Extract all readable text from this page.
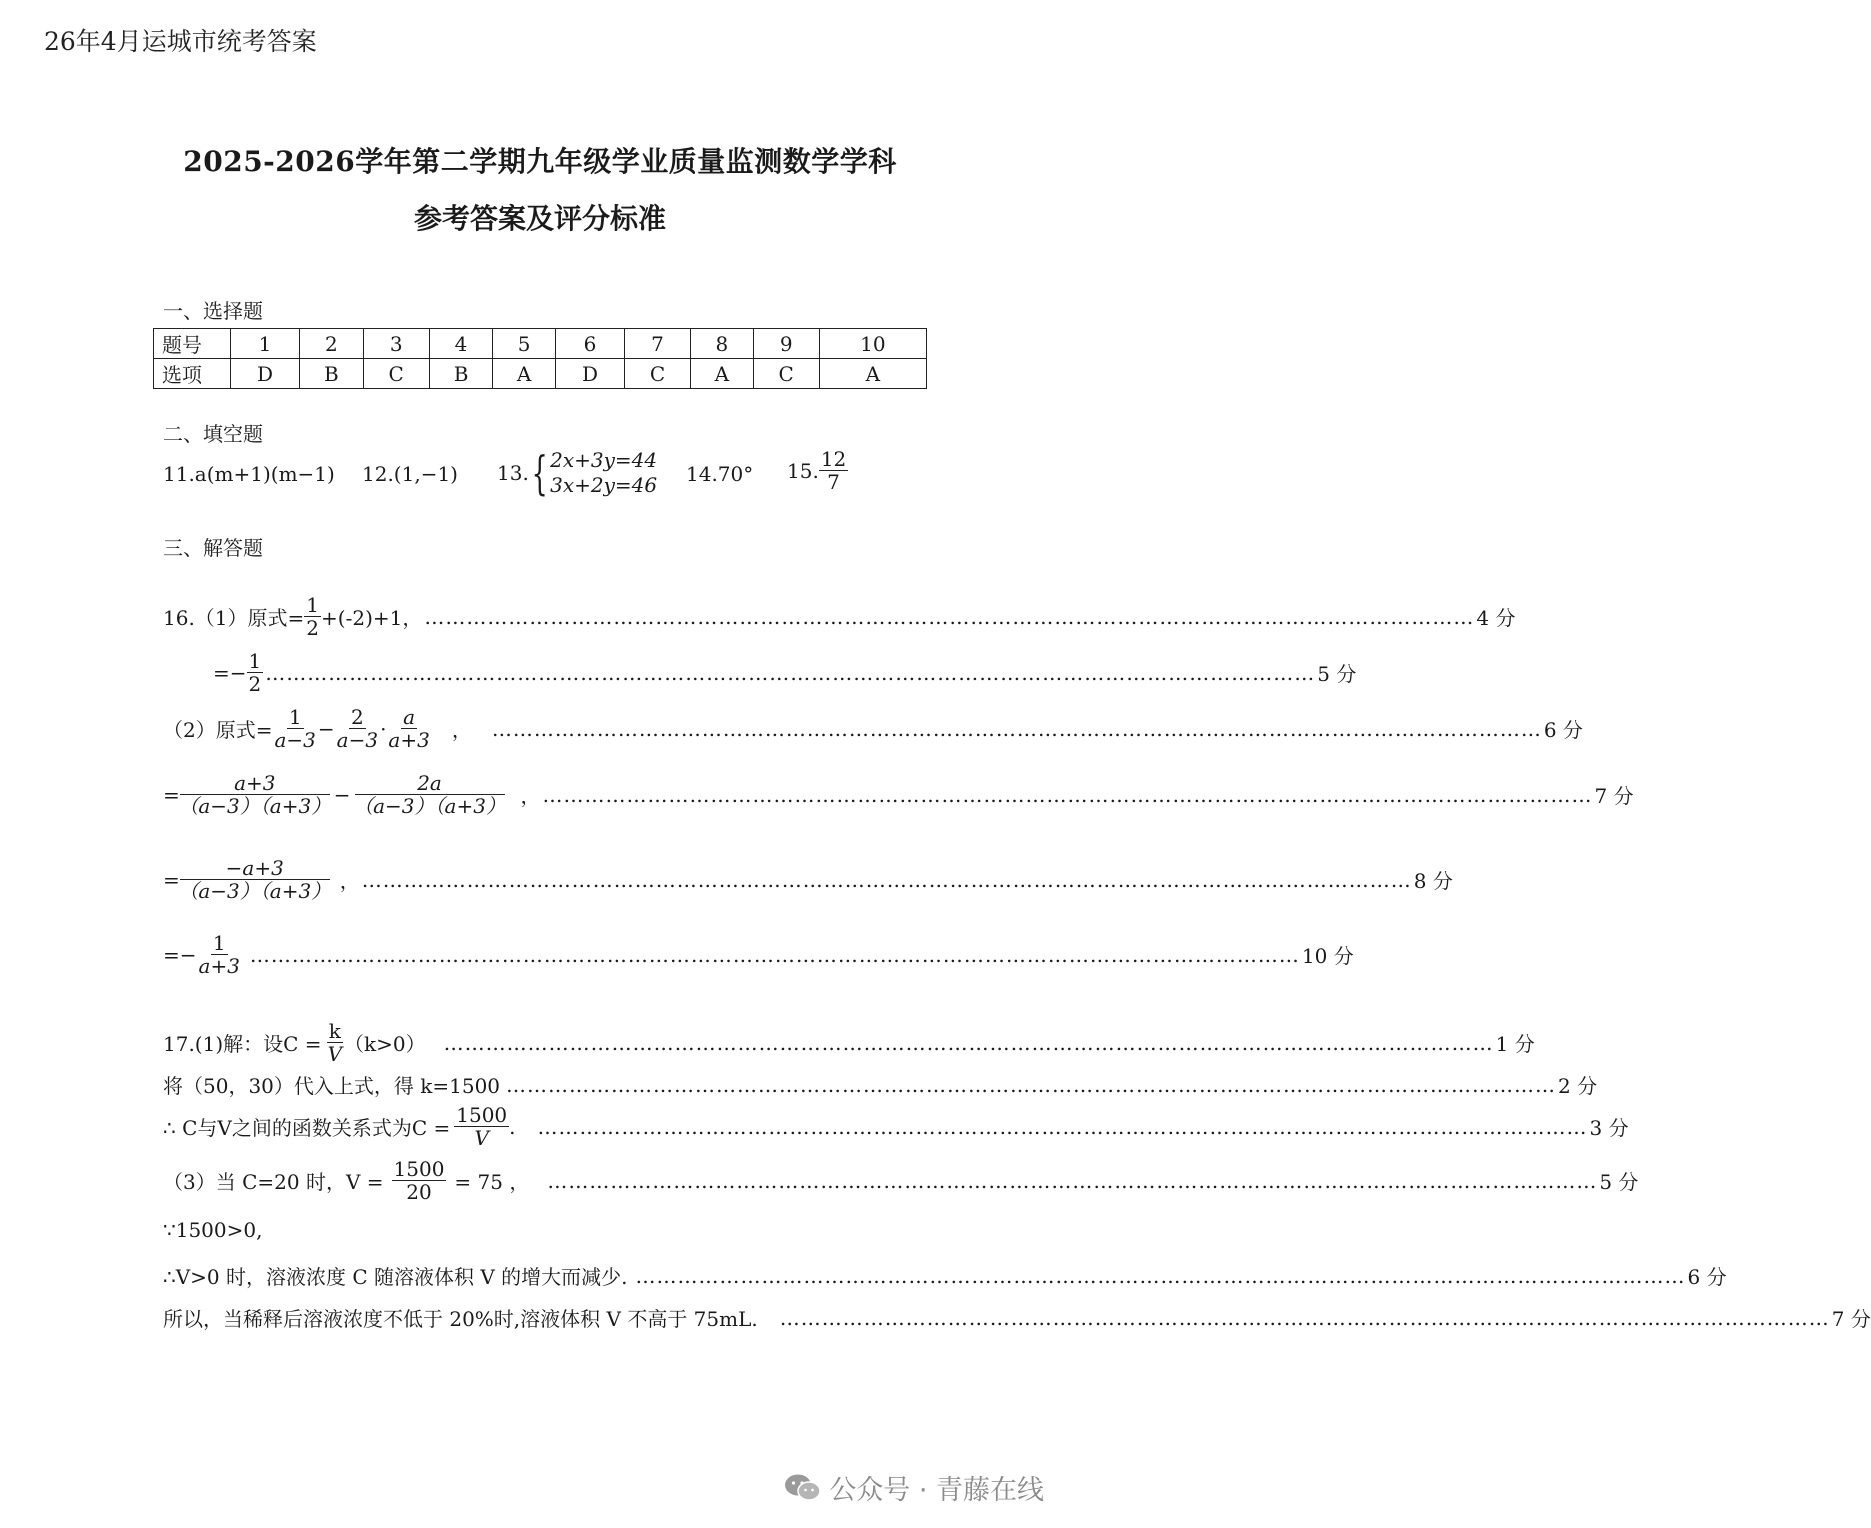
26年4月运城市统考答案
2025-2026学年第二学期九年级学业质量监测数学学科
参考答案及评分标准
一、选择题
题号	1	2	3	4	5	6	7	8	9	10
选项	D	B	C	B	A	D	C	A	C	A
二、填空题
11.a(m+1)(m−1) 12.(1,−1) 13. { 2x+3y=44
3x+2y=46 14.70° 15. $\frac{12}{7}$
三、解答题
16.（1）原式= $\frac{1}{2} +(-2)+1$， …………………………………………………………………………………………………………………………………… 4 分
=− $\frac{1}{2}$ …………………………………………………………………………………………………………………………………… 5 分
（2）原式= $\frac{1}{a-3} - \frac{2}{a-3} \cdot \frac{a}{a+3}$ ， …………………………………………………………………………………………………………………………………… 6 分
= $\frac{a+3}{(a-3)(a+3)} - \frac{2a}{(a-3)(a+3)}$ ， …………………………………………………………………………………………………………………………………… 7 分
= $\frac{-a+3}{(a-3)(a+3)}$ ， …………………………………………………………………………………………………………………………………… 8 分
=− $\frac{1}{a+3}$ …………………………………………………………………………………………………………………………………… 10 分
17.(1)解：设$C = \frac{k}{V} (k>0)$ …………………………………………………………………………………………………………………………………… 1 分
将（50，30）代入上式，得 k=1500 …………………………………………………………………………………………………………………………………… 2 分
∴ C与V之间的函数关系式为$C = \frac{1500}{V}$ . …………………………………………………………………………………………………………………………………… 3 分
（3）当 C=20 时，$V = \frac{1500}{20} = 75$ ， …………………………………………………………………………………………………………………………………… 5 分
∵1500>0,
∴V>0 时，溶液浓度 C 随溶液体积 V 的增大而减少. …………………………………………………………………………………………………………………………………… 6 分
所以，当稀释后溶液浓度不低于 20%时,溶液体积 V 不高于 75mL. …………………………………………………………………………………………………………………………………… 7 分
公众号 · 青藤在线
